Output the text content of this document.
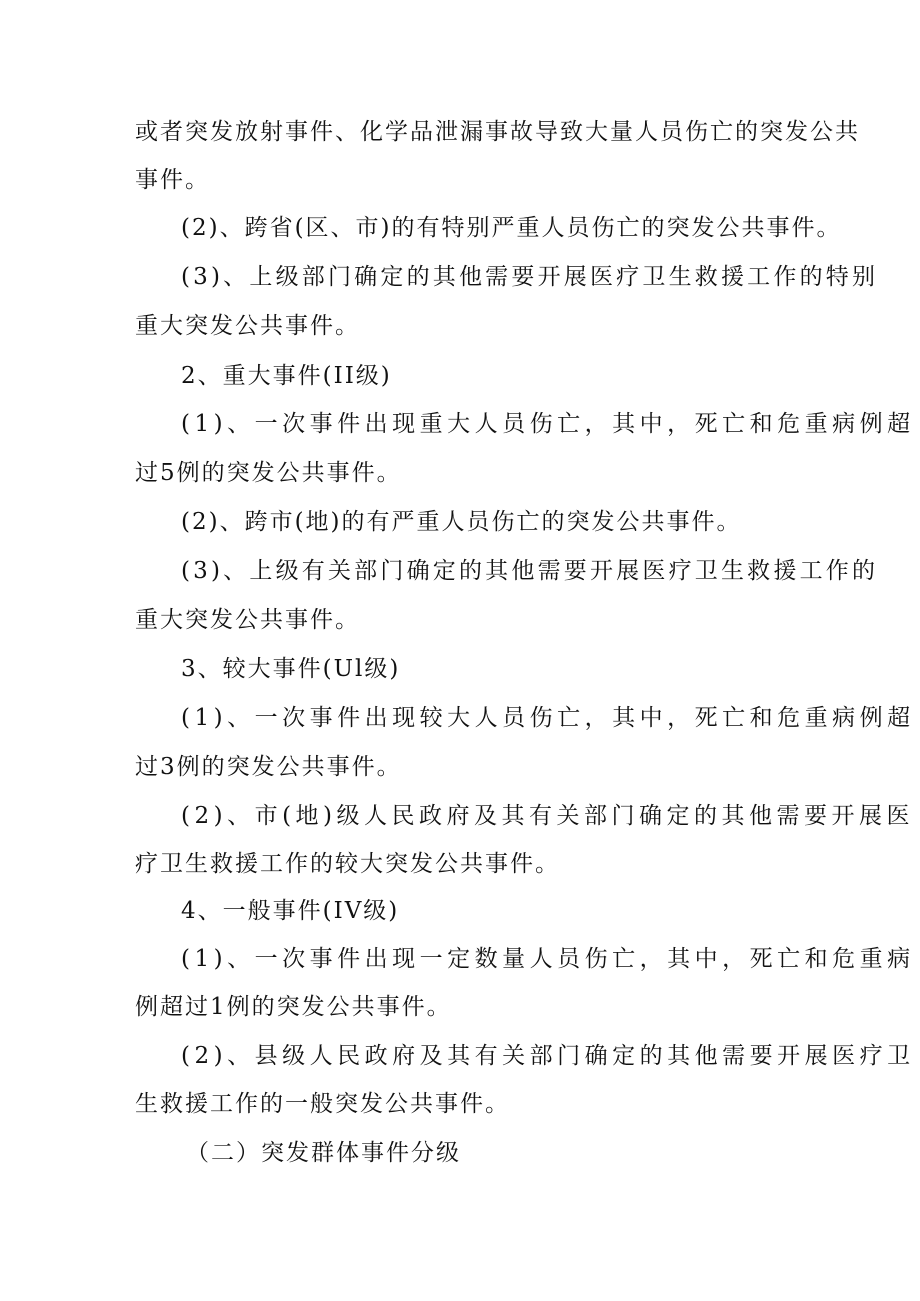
或者突发放射事件、化学品泄漏事故导致大量人员伤亡的突发公共
事件。
(2)、跨省(区、市)的有特别严重人员伤亡的突发公共事件。
(3)、上级部门确定的其他需要开展医疗卫生救援工作的特别
重大突发公共事件。
2、重大事件(II级)
(1)、一次事件出现重大人员伤亡，其中，死亡和危重病例超
过5例的突发公共事件。
(2)、跨市(地)的有严重人员伤亡的突发公共事件。
(3)、上级有关部门确定的其他需要开展医疗卫生救援工作的
重大突发公共事件。
3、较大事件(Ul级)
(1)、一次事件出现较大人员伤亡，其中，死亡和危重病例超
过3例的突发公共事件。
(2)、市(地)级人民政府及其有关部门确定的其他需要开展医
疗卫生救援工作的较大突发公共事件。
4、一般事件(IV级)
(1)、一次事件出现一定数量人员伤亡，其中，死亡和危重病
例超过1例的突发公共事件。
(2)、县级人民政府及其有关部门确定的其他需要开展医疗卫
生救援工作的一般突发公共事件。
（二）突发群体事件分级
